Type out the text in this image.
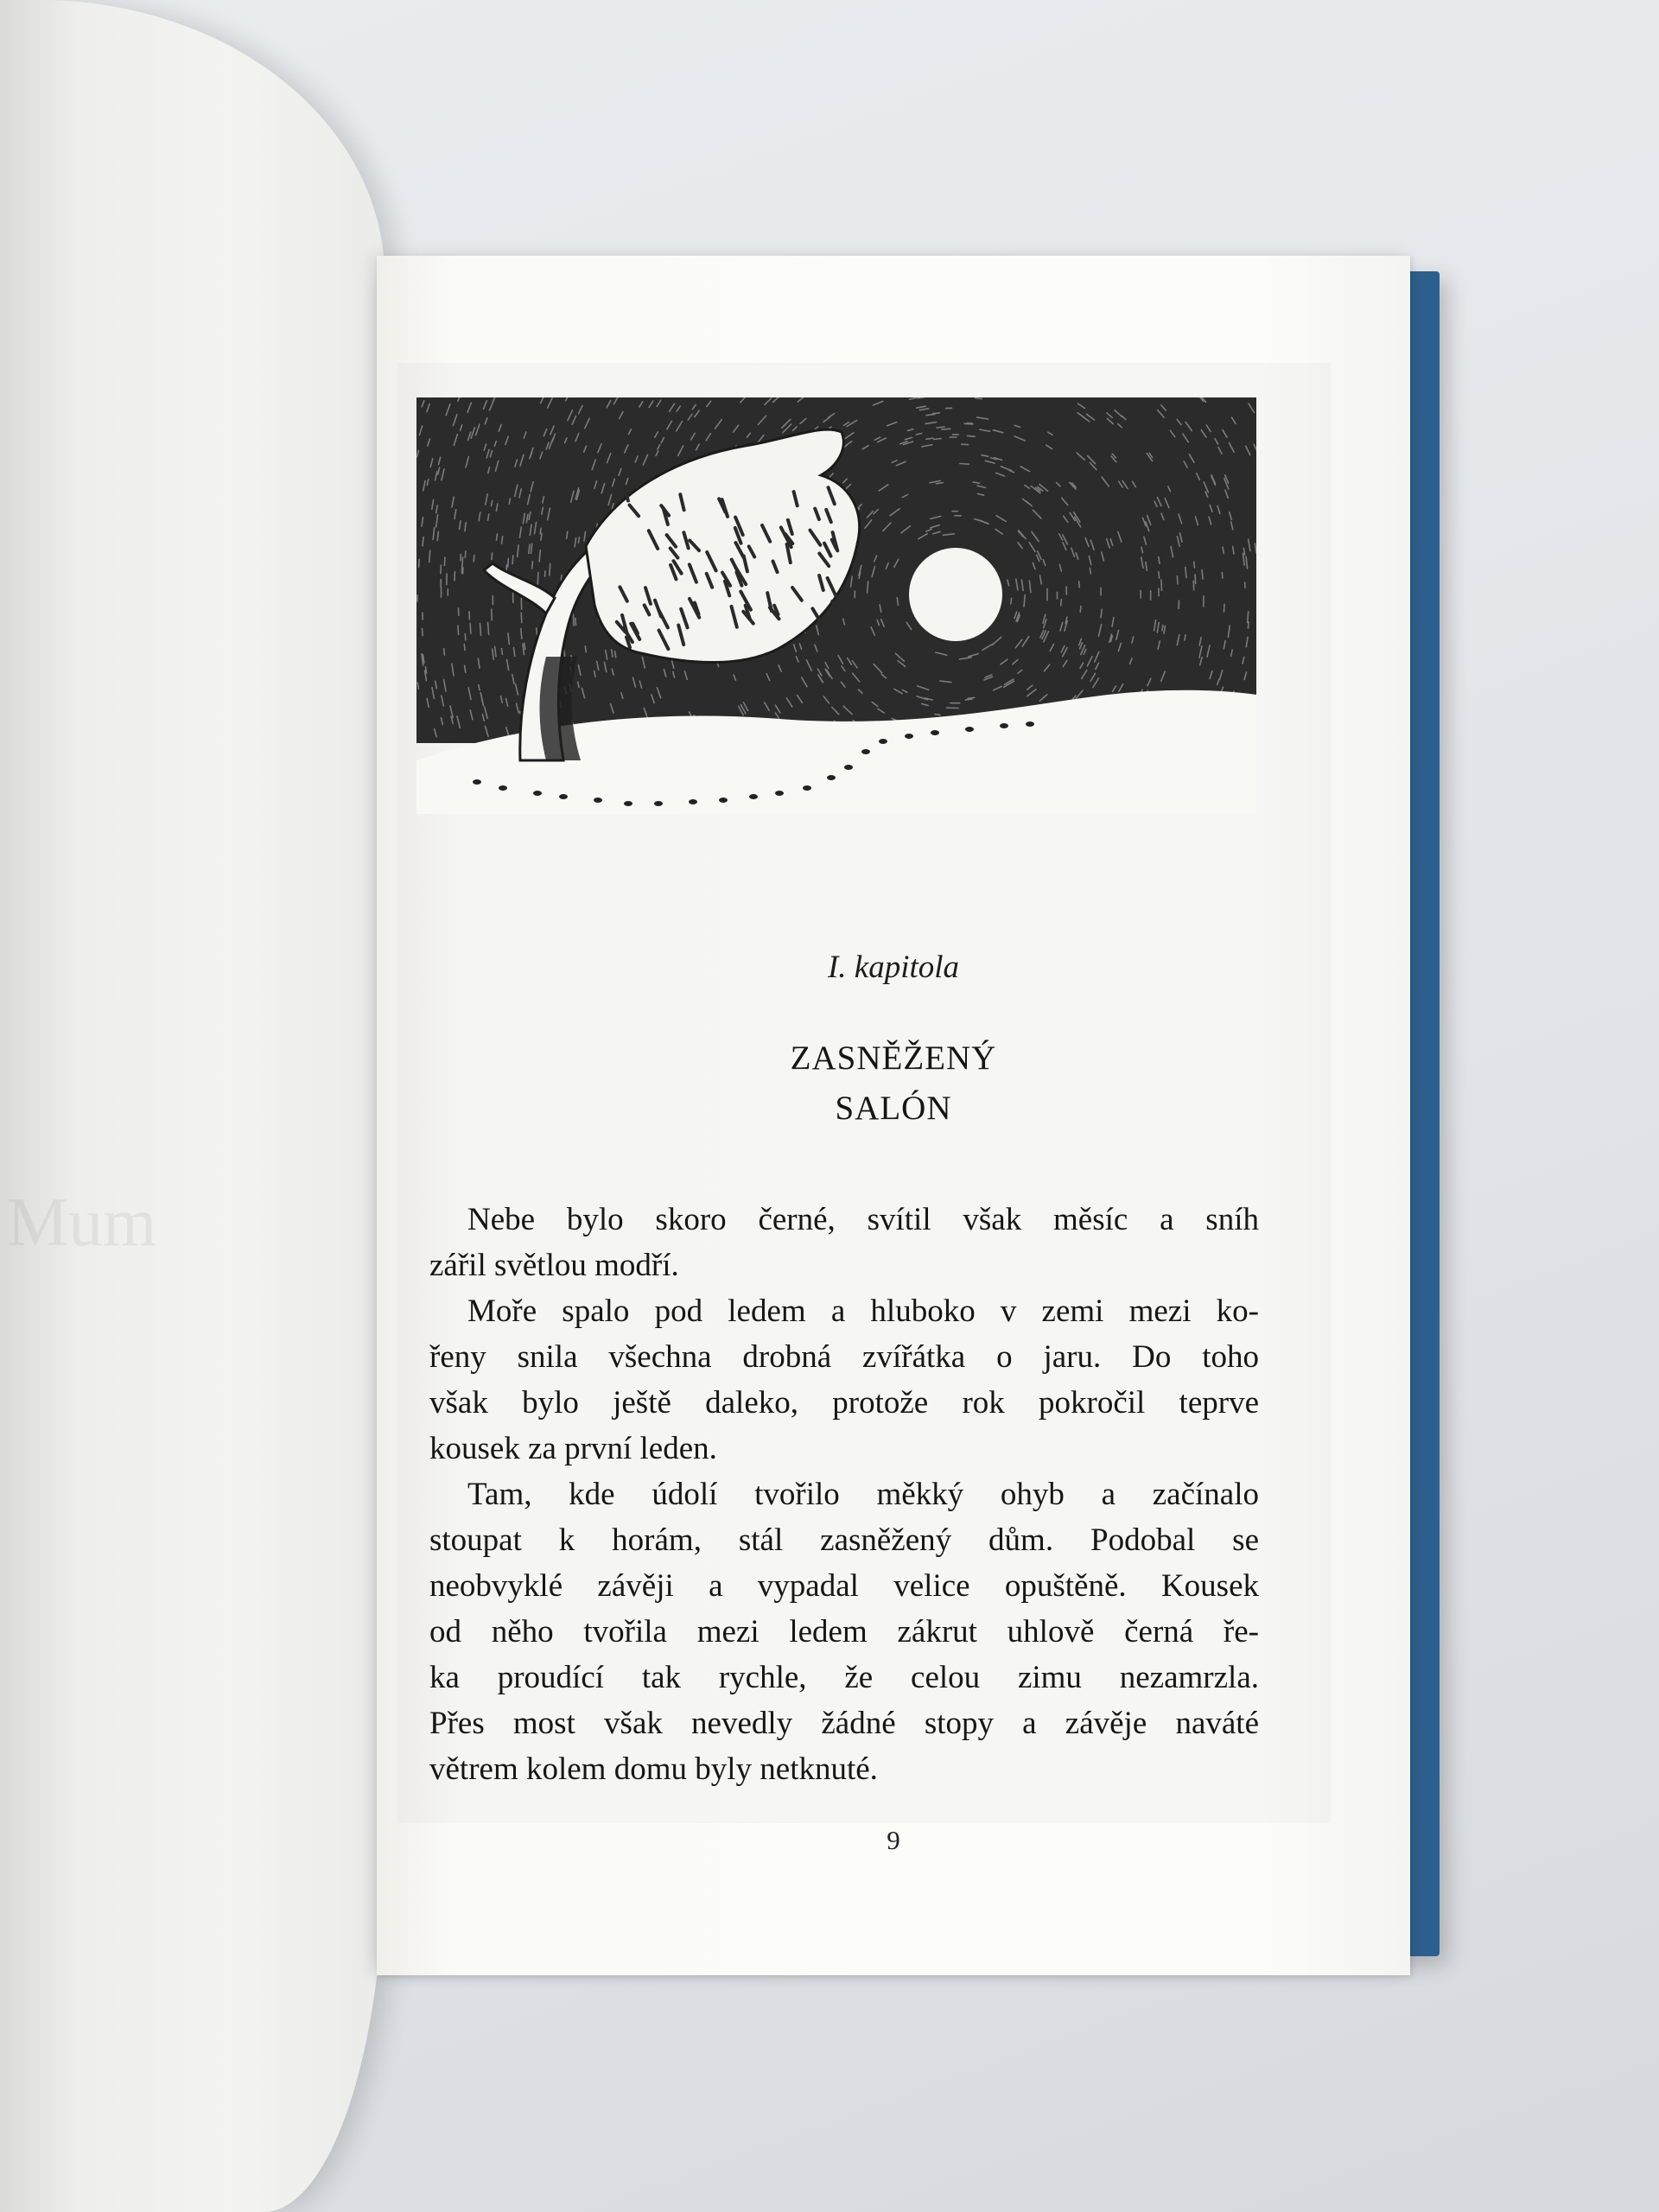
Mum

I. kapitola

ZASNĚŽENÝ
SALÓN

Nebe bylo skoro černé, svítil však měsíc a sníh
zářil světlou modří.

Moře spalo pod ledem a hluboko v zemi mezi ko-
řeny snila všechna drobná zvířátka o jaru. Do toho
však bylo ještě daleko, protože rok pokročil teprve
kousek za první leden.

Tam, kde údolí tvořilo měkký ohyb a začínalo
stoupat k horám, stál zasněžený dům. Podobal se
neobvyklé závěji a vypadal velice opuštěně. Kousek
od něho tvořila mezi ledem zákrut uhlově černá ře-
ka proudící tak rychle, že celou zimu nezamrzla.
Přes most však nevedly žádné stopy a závěje naváté
větrem kolem domu byly netknuté.

9
